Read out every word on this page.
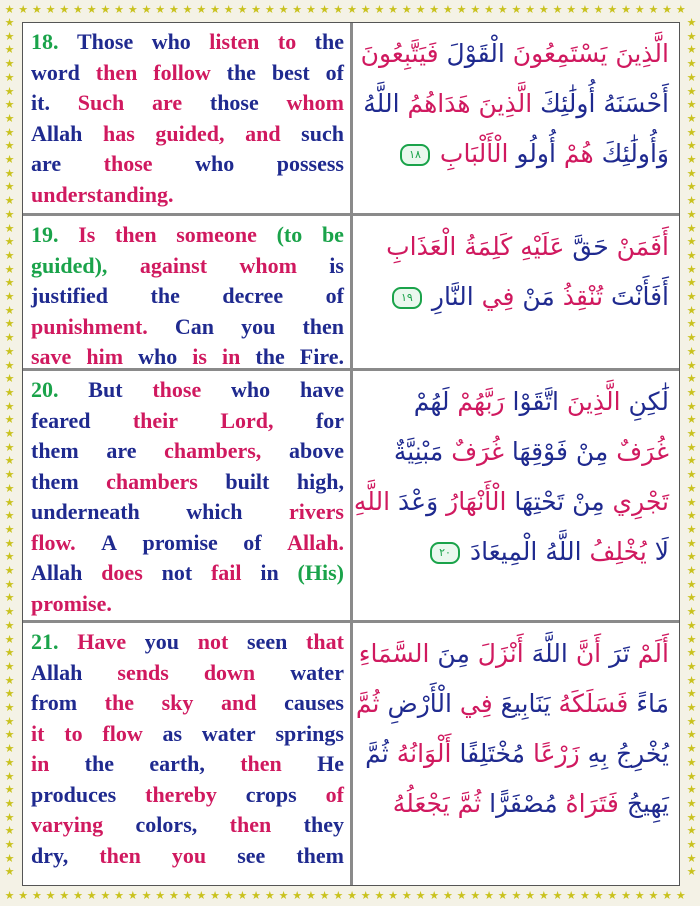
★
★
★
★
★
★
★
★
★
★
★
★
★
★
★
★
★
★
★
★
★
★
★
★
★
★
★
★
★
★
★
★
★
★
★
★
★
★
★
★
★
★
★
★
★
★
★
★
★
★
★
★
★
★
★
★
★
★
★
★
★
★
★
★
★
★
★
★
★
★
★
★
★
★
★
★
★
★
★
★
★
★
★
★
★
★
★
★
★
★
★
★
★
★
★
★
★
★
★
★
★	★
★	★
★	★
★	★
★	★
★	★
★	★
★	★
★	★
★	★
★	★
★	★
★	★
★	★
★	★
★	★
★	★
★	★
★	★
★	★
★	★
★	★
★	★
★	★
★	★
★	★
★	★
★	★
★	★
★	★
★	★
★	★
★	★
★	★
★	★
★	★
★	★
★	★
★	★
★	★
★	★
★	★
★	★
★	★
★	★
★	★
★	★
★	★
★	★
★	★
★	★
★	★
★	★
★	★
★	★
★	★
★	★
★	★
★	★
★	★
★	★
★	★
★	★
18. Those who listen to the
word then follow the best of
it. Such are those whom
Allah has guided, and such
are those who possess
understanding.
الَّذِينَ يَسْتَمِعُونَ الْقَوْلَ فَيَتَّبِعُونَ
أَحْسَنَهُ أُولَٰئِكَ الَّذِينَ هَدَاهُمُ اللَّهُ
وَأُولَٰئِكَ هُمْ أُولُو الْأَلْبَابِ ١٨
19. Is then someone (to be
guided), against whom is
justified the decree of
punishment. Can you then
save him who is in the Fire.
أَفَمَنْ حَقَّ عَلَيْهِ كَلِمَةُ الْعَذَابِ
أَفَأَنْتَ تُنْقِذُ مَنْ فِي النَّارِ ١٩
20. But those who have
feared their Lord, for
them are chambers, above
them chambers built high,
underneath which rivers
flow. A promise of Allah.
Allah does not fail in (His)
promise.
لَٰكِنِ الَّذِينَ اتَّقَوْا رَبَّهُمْ لَهُمْ
غُرَفٌ مِنْ فَوْقِهَا غُرَفٌ مَبْنِيَّةٌ
تَجْرِي مِنْ تَحْتِهَا الْأَنْهَارُ وَعْدَ اللَّهِ
لَا يُخْلِفُ اللَّهُ الْمِيعَادَ ٢٠
21. Have you not seen that
Allah sends down water
from the sky and causes
it to flow as water springs
in the earth, then He
produces thereby crops of
varying colors, then they
dry, then you see them
أَلَمْ تَرَ أَنَّ اللَّهَ أَنْزَلَ مِنَ السَّمَاءِ
مَاءً فَسَلَكَهُ يَنَابِيعَ فِي الْأَرْضِ ثُمَّ
يُخْرِجُ بِهِ زَرْعًا مُخْتَلِفًا أَلْوَانُهُ ثُمَّ
يَهِيجُ فَتَرَاهُ مُصْفَرًّا ثُمَّ يَجْعَلُهُ
